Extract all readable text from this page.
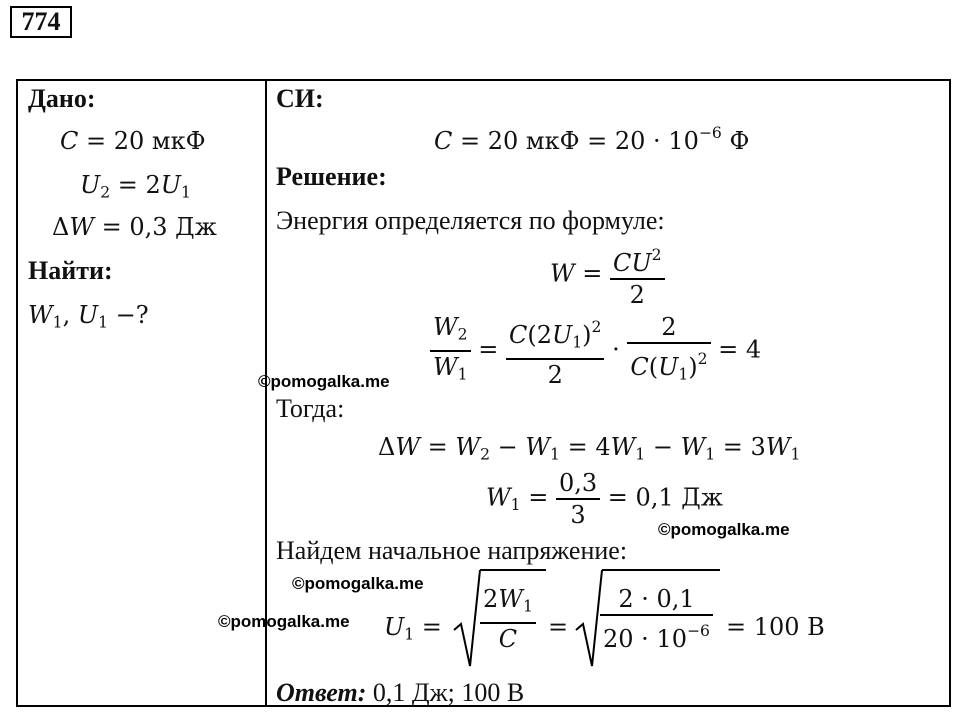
774
Дано:
C = 20 мкФ
$U_2 = 2U_1$
ΔW = 0,3 Дж
Найти:
$W_1$, $U_1$ −?
СИ:
C = 20 мкФ = $20 \cdot 10^{-6}$ Ф
Решение:
Энергия определяется по формуле:
$W = \frac{CU^2}{2}$
$\frac{W_2}{W_1} = \frac{C(2U_1)^2}{2} \cdot \frac{2}{C(U_1)^2} = 4$
Тогда:
$\Delta W = W_2 - W_1 = 4W_1 - W_1 = 3W_1$
$W_1 = \frac{0,3}{3} = 0,1$ Дж
Найдем начальное напряжение:
$U_1 = \frac{2W_1}{C} = \frac{2 \cdot 0,1}{20 \cdot 10^{-6}} = 100$ В
Ответ: 0,1 Дж; 100 В
©pomogalka.me
©pomogalka.me
©pomogalka.me
©pomogalka.me
